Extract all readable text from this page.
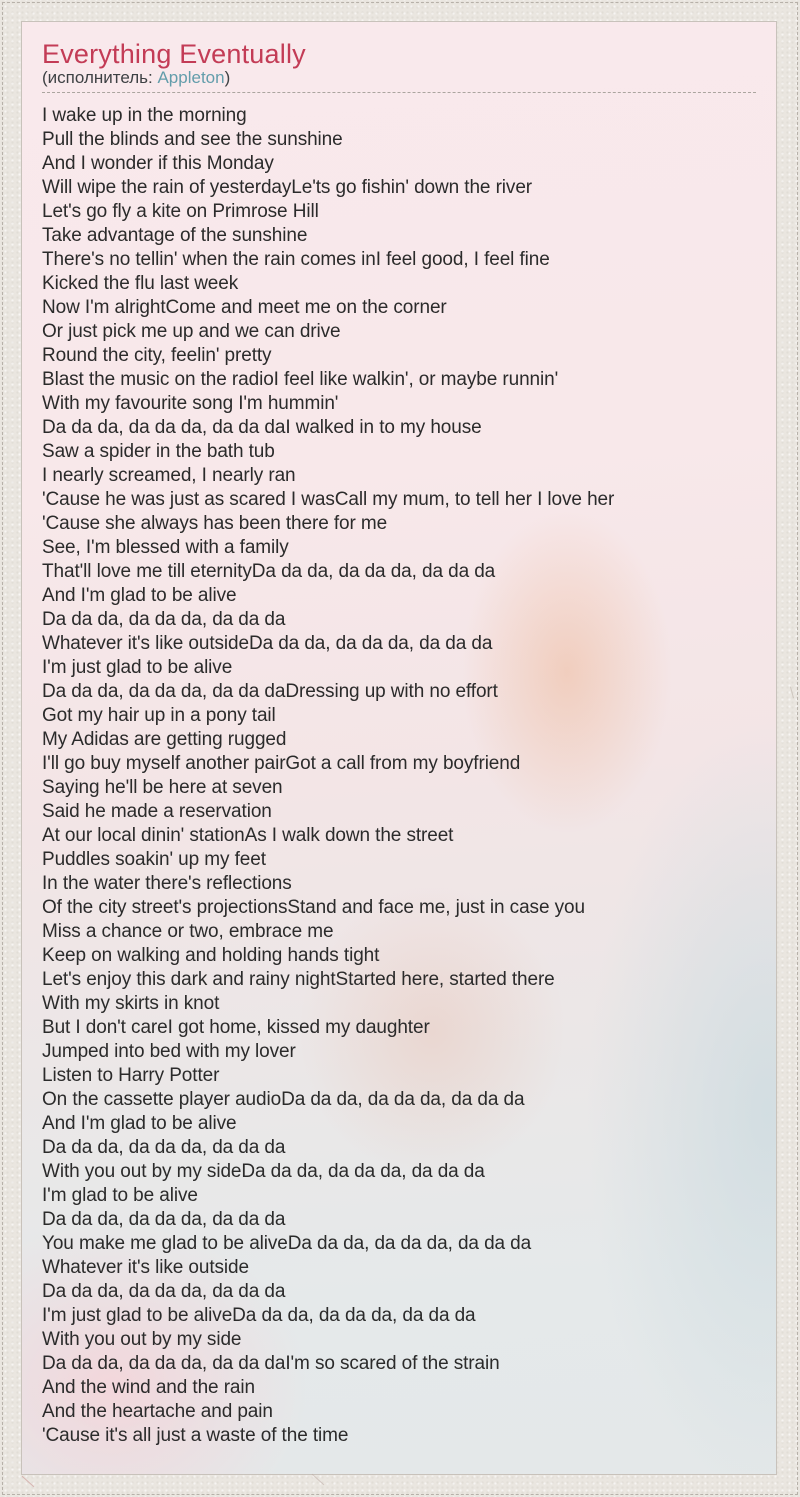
Everything Eventually
(исполнитель: Appleton)
I wake up in the morning
Pull the blinds and see the sunshine
And I wonder if this Monday
Will wipe the rain of yesterdayLe'ts go fishin' down the river
Let's go fly a kite on Primrose Hill
Take advantage of the sunshine
There's no tellin' when the rain comes inI feel good, I feel fine
Kicked the flu last week
Now I'm alrightCome and meet me on the corner
Or just pick me up and we can drive
Round the city, feelin' pretty
Blast the music on the radioI feel like walkin', or maybe runnin'
With my favourite song I'm hummin'
Da da da, da da da, da da daI walked in to my house
Saw a spider in the bath tub
I nearly screamed, I nearly ran
'Cause he was just as scared I wasCall my mum, to tell her I love her
'Cause she always has been there for me
See, I'm blessed with a family
That'll love me till eternityDa da da, da da da, da da da
And I'm glad to be alive
Da da da, da da da, da da da
Whatever it's like outsideDa da da, da da da, da da da
I'm just glad to be alive
Da da da, da da da, da da daDressing up with no effort
Got my hair up in a pony tail
My Adidas are getting rugged
I'll go buy myself another pairGot a call from my boyfriend
Saying he'll be here at seven
Said he made a reservation
At our local dinin' stationAs I walk down the street
Puddles soakin' up my feet
In the water there's reflections
Of the city street's projectionsStand and face me, just in case you
Miss a chance or two, embrace me
Keep on walking and holding hands tight
Let's enjoy this dark and rainy nightStarted here, started there
With my skirts in knot
But I don't careI got home, kissed my daughter
Jumped into bed with my lover
Listen to Harry Potter
On the cassette player audioDa da da, da da da, da da da
And I'm glad to be alive
Da da da, da da da, da da da
With you out by my sideDa da da, da da da, da da da
I'm glad to be alive
Da da da, da da da, da da da
You make me glad to be aliveDa da da, da da da, da da da
Whatever it's like outside
Da da da, da da da, da da da
I'm just glad to be aliveDa da da, da da da, da da da
With you out by my side
Da da da, da da da, da da daI'm so scared of the strain
And the wind and the rain
And the heartache and pain
'Cause it's all just a waste of the time
